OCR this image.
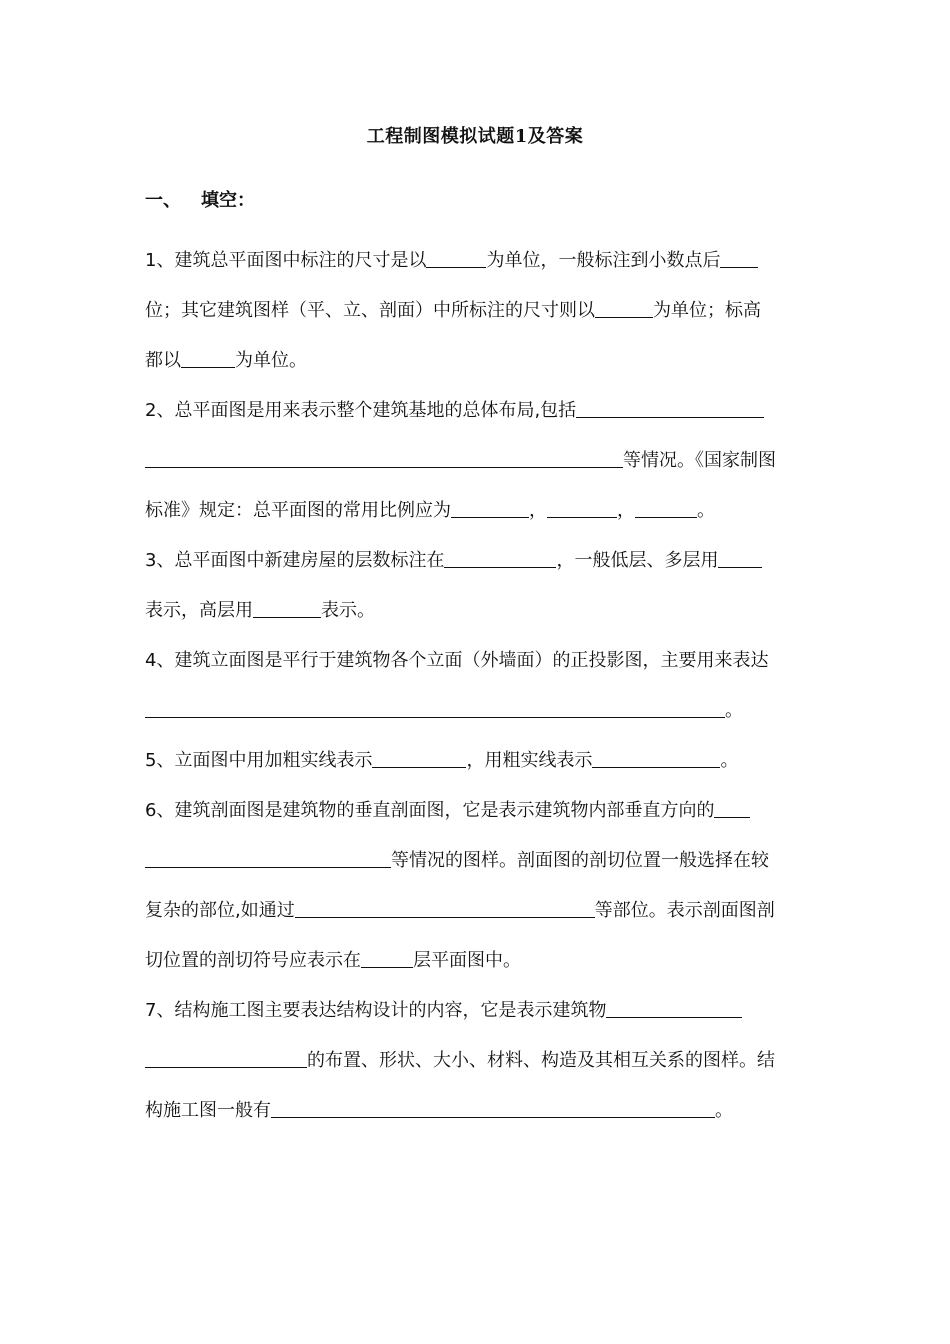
工程制图模拟试题1及答案
一、 填空：
1、建筑总平面图中标注的尺寸是以	为单位，一般标注到小数点后
位；其它建筑图样（平、立、剖面）中所标注的尺寸则以	为单位；标高
都以	为单位。
2、总平面图是用来表示整个建筑基地的总体布局,包括
等情况。《国家制图
标准》规定：总平面图的常用比例应为	，	，	。
3、总平面图中新建房屋的层数标注在	，一般低层、多层用
表示，高层用	表示。
4、建筑立面图是平行于建筑物各个立面（外墙面）的正投影图，主要用来表达
。
5、立面图中用加粗实线表示	，用粗实线表示	。
6、建筑剖面图是建筑物的垂直剖面图，它是表示建筑物内部垂直方向的
等情况的图样。剖面图的剖切位置一般选择在较
复杂的部位,如通过	等部位。表示剖面图剖
切位置的剖切符号应表示在	层平面图中。
7、结构施工图主要表达结构设计的内容，它是表示建筑物
的布置、形状、大小、材料、构造及其相互关系的图样。结
构施工图一般有	。
